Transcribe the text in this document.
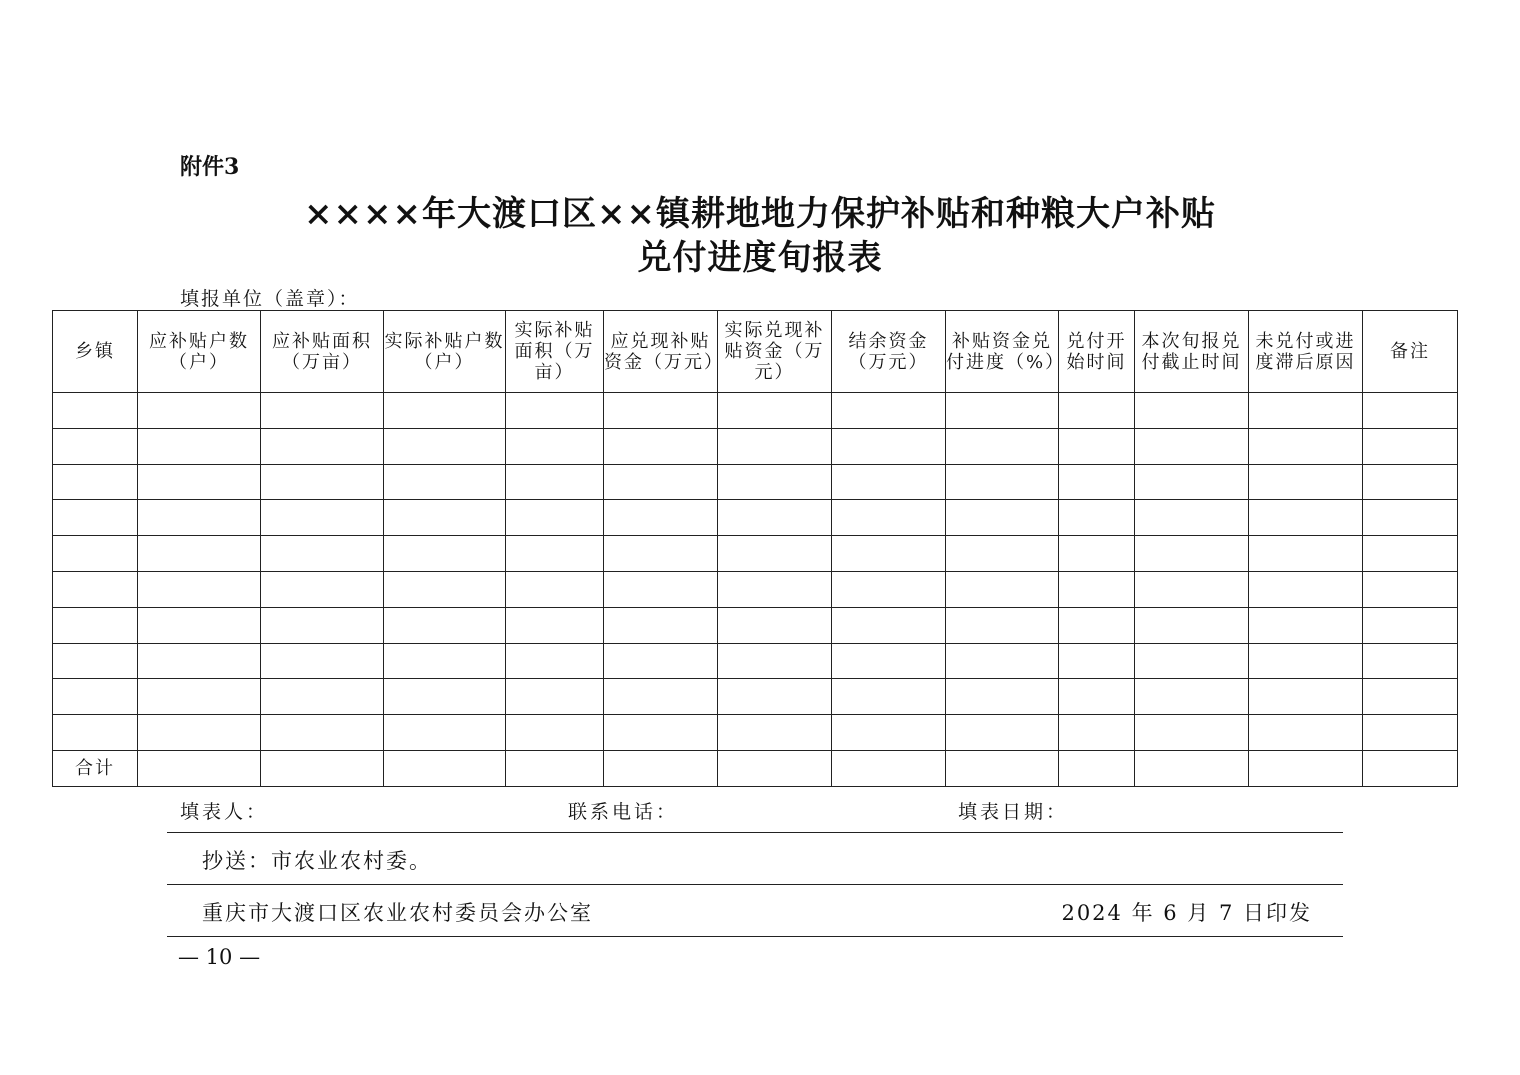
附件3
××××年大渡口区××镇耕地地力保护补贴和种粮大户补贴
兑付进度旬报表
填报单位（盖章）：
乡镇	应补贴户数（户）	应补贴面积（万亩）	实际补贴户数（户）	实际补贴面积（万亩）	应兑现补贴资金（万元）	实际兑现补贴资金（万元）	结余资金（万元）	补贴资金兑付进度（%）	兑付开始时间	本次旬报兑付截止时间	未兑付或进度滞后原因	备注

合计												
填表人：	联系电话：	填表日期：
抄送：市农业农村委。
重庆市大渡口区农业农村委员会办公室	2024 年 6 月 7 日印发
— 10 —
